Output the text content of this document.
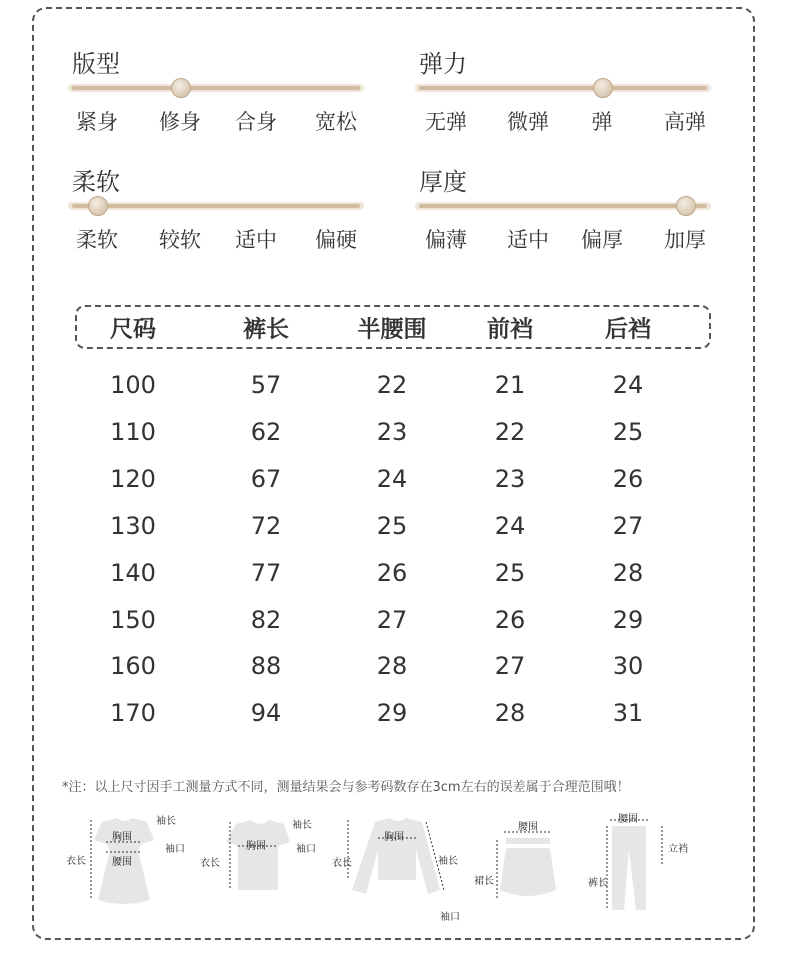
版型
紧身 修身 合身 宽松
弹力
无弹 微弹 弹 高弹
柔软
柔软 较软 适中 偏硬
厚度
偏薄 适中 偏厚 加厚
尺码	裤长	半腰围	前裆	后裆
100	57	22	21	24
110	62	23	22	25
120	67	24	23	26
130	72	25	24	27
140	77	26	25	28
150	82	27	26	29
160	88	28	27	30
170	94	29	28	31
*注：以上尺寸因手工测量方式不同，测量结果会与参考码数存在3cm左右的误差属于合理范围哦！
衣长
胸围
腰围
袖长
袖口
衣长
胸围
袖长
袖口
衣长
胸围
袖长
袖口
腰围
裙长
腰围
立裆
裤长
